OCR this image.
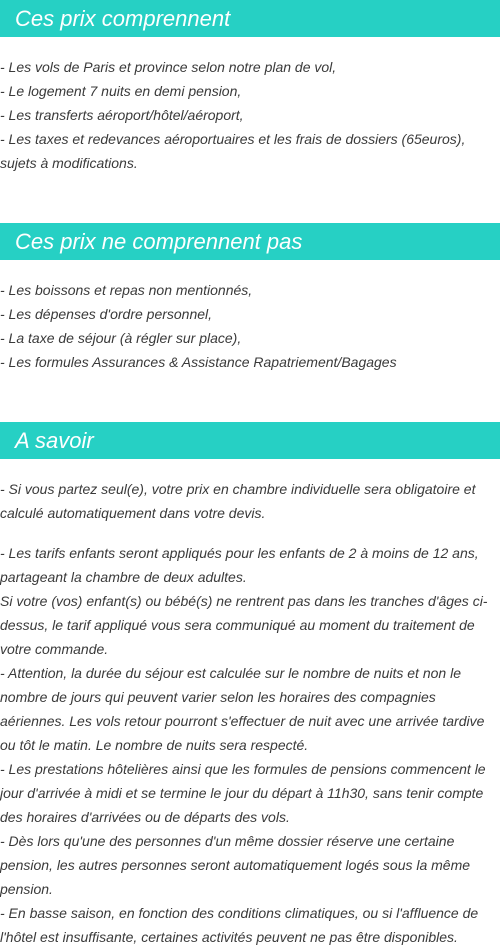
Ces prix comprennent
- Les vols de Paris et province selon notre plan de vol,
- Le logement 7 nuits en demi pension,
- Les transferts aéroport/hôtel/aéroport,
- Les taxes et redevances aéroportuaires et les frais de dossiers (65euros), sujets à modifications.
Ces prix ne comprennent pas
- Les boissons et repas non mentionnés,
- Les dépenses d'ordre personnel,
- La taxe de séjour (à régler sur place),
- Les formules Assurances & Assistance Rapatriement/Bagages
A savoir
- Si vous partez seul(e), votre prix en chambre individuelle sera obligatoire et calculé automatiquement dans votre devis.
- Les tarifs enfants seront appliqués pour les enfants de 2 à moins de 12 ans, partageant la chambre de deux adultes.
Si votre (vos) enfant(s) ou bébé(s) ne rentrent pas dans les tranches d'âges ci-dessus, le tarif appliqué vous sera communiqué au moment du traitement de votre commande.
- Attention, la durée du séjour est calculée sur le nombre de nuits et non le nombre de jours qui peuvent varier selon les horaires des compagnies aériennes. Les vols retour pourront s'effectuer de nuit avec une arrivée tardive ou tôt le matin. Le nombre de nuits sera respecté.
- Les prestations hôtelières ainsi que les formules de pensions commencent le jour d'arrivée à midi et se termine le jour du départ à 11h30, sans tenir compte des horaires d'arrivées ou de départs des vols.
- Dès lors qu'une des personnes d'un même dossier réserve une certaine pension, les autres personnes seront automatiquement logés sous la même pension.
- En basse saison, en fonction des conditions climatiques, ou si l'affluence de l'hôtel est insuffisante, certaines activités peuvent ne pas être disponibles.
